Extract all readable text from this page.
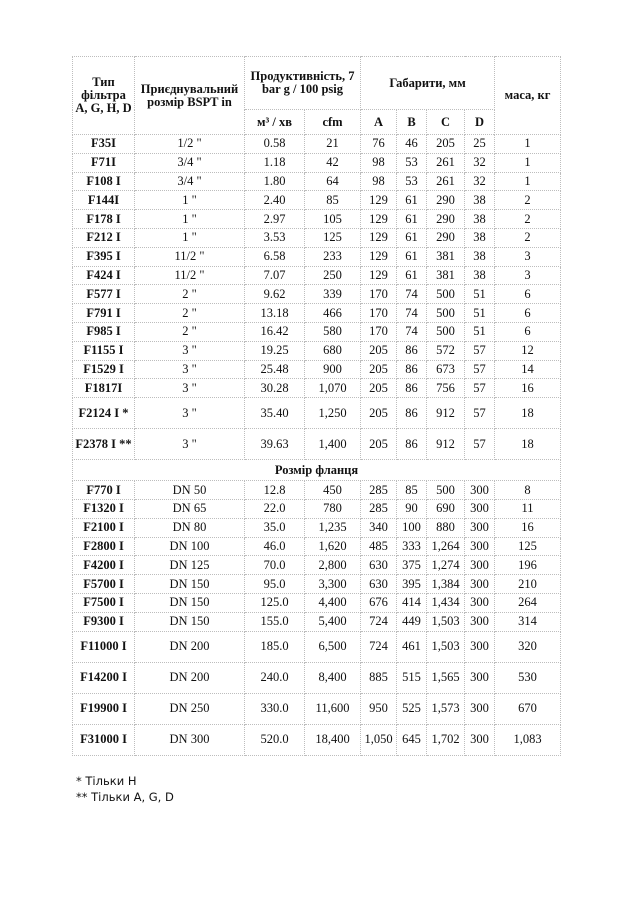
Тип фільтра A, G, H, D	Приєднувальний розмір BSPT in	Продуктивність, 7 bar g / 100 psig		Габарити, мм				маса, кг
		м³ / хв	cfm	A	B	C	D	
F35I	1/2 "	0.58	21	76	46	205	25	1
F71I	3/4 "	1.18	42	98	53	261	32	1
F108 I	3/4 "	1.80	64	98	53	261	32	1
F144I	1 "	2.40	85	129	61	290	38	2
F178 I	1 "	2.97	105	129	61	290	38	2
F212 I	1 "	3.53	125	129	61	290	38	2
F395 I	11/2 "	6.58	233	129	61	381	38	3
F424 I	11/2 "	7.07	250	129	61	381	38	3
F577 I	2 "	9.62	339	170	74	500	51	6
F791 I	2 "	13.18	466	170	74	500	51	6
F985 I	2 "	16.42	580	170	74	500	51	6
F1155 I	3 "	19.25	680	205	86	572	57	12
F1529 I	3 "	25.48	900	205	86	673	57	14
F1817I	3 "	30.28	1,070	205	86	756	57	16
F2124 I *	3 "	35.40	1,250	205	86	912	57	18
F2378 I **	3 "	39.63	1,400	205	86	912	57	18
Розмір фланця								
F770 I	DN 50	12.8	450	285	85	500	300	8
F1320 I	DN 65	22.0	780	285	90	690	300	11
F2100 I	DN 80	35.0	1,235	340	100	880	300	16
F2800 I	DN 100	46.0	1,620	485	333	1,264	300	125
F4200 I	DN 125	70.0	2,800	630	375	1,274	300	196
F5700 I	DN 150	95.0	3,300	630	395	1,384	300	210
F7500 I	DN 150	125.0	4,400	676	414	1,434	300	264
F9300 I	DN 150	155.0	5,400	724	449	1,503	300	314
F11000 I	DN 200	185.0	6,500	724	461	1,503	300	320
F14200 I	DN 200	240.0	8,400	885	515	1,565	300	530
F19900 I	DN 250	330.0	11,600	950	525	1,573	300	670
F31000 I	DN 300	520.0	18,400	1,050	645	1,702	300	1,083
* Тільки H
** Тільки A, G, D
